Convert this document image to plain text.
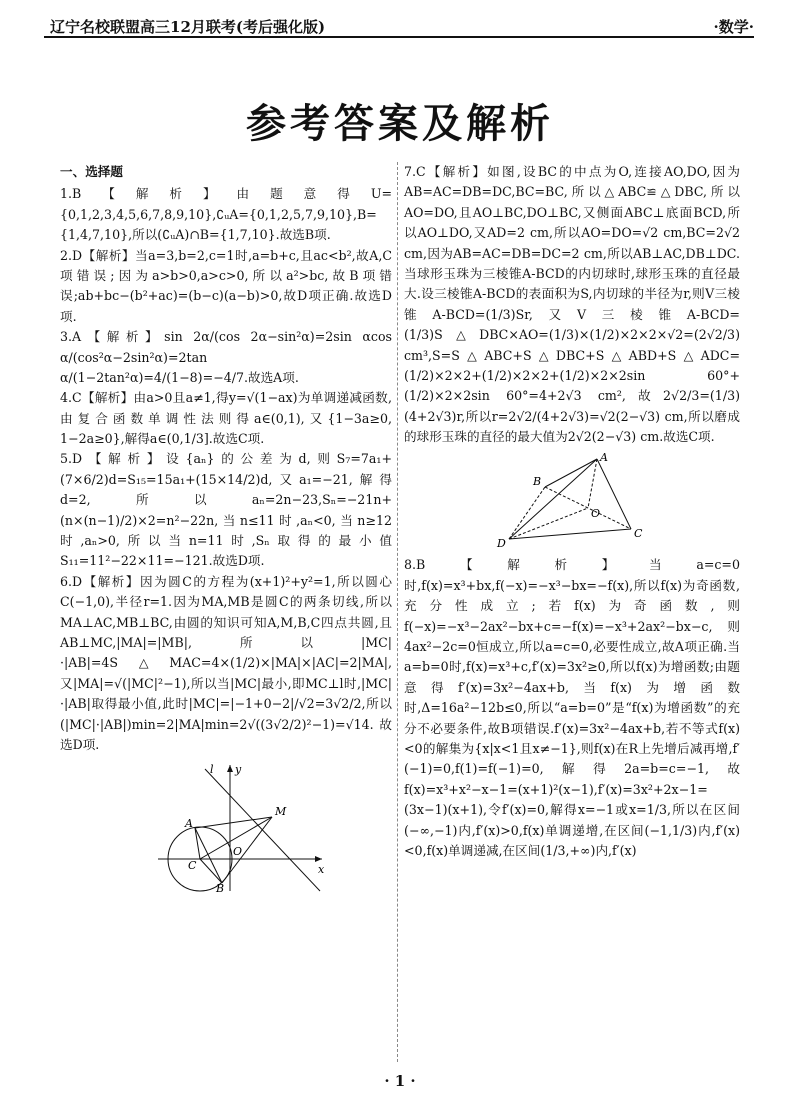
辽宁名校联盟高三12月联考(考后强化版)	·数学·
参考答案及解析

一、选择题

1.B【解析】由题意得U={0,1,2,3,4,5,6,7,8,9,10},∁ᵤA={0,1,2,5,7,9,10},B={1,4,7,10},所以(∁ᵤA)∩B={1,7,10}.故选B项.

2.D【解析】当a=3,b=2,c=1时,a=b+c,且ac<b²,故A,C项错误;因为a>b>0,a>c>0,所以a²>bc,故B项错误;ab+bc−(b²+ac)=(b−c)(a−b)>0,故D项正确.故选D项.

3.A【解析】sin 2α/(cos 2α−sin²α)=2sin αcos α/(cos²α−2sin²α)=2tan α/(1−2tan²α)=4/(1−8)=−4/7.故选A项.

4.C【解析】由a>0且a≠1,得y=√(1−ax)为单调递减函数,由复合函数单调性法则得a∈(0,1),又{1−3a≥0, 1−2a≥0},解得a∈(0,1/3].故选C项.

5.D【解析】设{aₙ}的公差为d,则S₇=7a₁+(7×6/2)d=S₁₅=15a₁+(15×14/2)d,又a₁=−21,解得d=2,所以aₙ=2n−23,Sₙ=−21n+(n×(n−1)/2)×2=n²−22n,当n≤11时,aₙ<0,当n≥12时,aₙ>0,所以当n=11时,Sₙ取得的最小值S₁₁=11²−22×11=−121.故选D项.

6.D【解析】因为圆C的方程为(x+1)²+y²=1,所以圆心C(−1,0),半径r=1.因为MA,MB是圆C的两条切线,所以MA⊥AC,MB⊥BC,由圆的知识可知A,M,B,C四点共圆,且AB⊥MC,|MA|=|MB|,所以|MC|·|AB|=4S△MAC=4×(1/2)×|MA|×|AC|=2|MA|,又|MA|=√(|MC|²−1),所以当|MC|最小,即MC⊥l时,|MC|·|AB|取得最小值,此时|MC|=|−1+0−2|/√2=3√2/2,所以(|MC|·|AB|)min=2|MA|min=2√((3√2/2)²−1)=√14.故选D项.

l y
x
M
A
C
O
B

7.C【解析】如图,设BC的中点为O,连接AO,DO,因为AB=AC=DB=DC,BC=BC,所以△ABC≌△DBC,所以AO=DO,且AO⊥BC,DO⊥BC,又侧面ABC⊥底面BCD,所以AO⊥DO,又AD=2 cm,所以AO=DO=√2 cm,BC=2√2 cm,因为AB=AC=DB=DC=2 cm,所以AB⊥AC,DB⊥DC.当球形玉珠为三棱锥A-BCD的内切球时,球形玉珠的直径最大.设三棱锥A-BCD的表面积为S,内切球的半径为r,则V三棱锥A-BCD=(1/3)Sr,又V三棱锥A-BCD=(1/3)S△DBC×AO=(1/3)×(1/2)×2×2×√2=(2√2/3) cm³,S=S△ABC+S△DBC+S△ABD+S△ADC=(1/2)×2×2+(1/2)×2×2+(1/2)×2×2sin 60°+(1/2)×2×2sin 60°=4+2√3 cm²,故2√2/3=(1/3)(4+2√3)r,所以r=2√2/(4+2√3)=√2(2−√3) cm,所以磨成的球形玉珠的直径的最大值为2√2(2−√3) cm.故选C项.

A
B
O
D
C

8.B【解析】当a=c=0时,f(x)=x³+bx,f(−x)=−x³−bx=−f(x),所以f(x)为奇函数,充分性成立;若f(x)为奇函数,则f(−x)=−x³−2ax²−bx+c=−f(x)=−x³+2ax²−bx−c,则4ax²−2c=0恒成立,所以a=c=0,必要性成立,故A项正确.当a=b=0时,f(x)=x³+c,f′(x)=3x²≥0,所以f(x)为增函数;由题意得f′(x)=3x²−4ax+b,当f(x)为增函数时,Δ=16a²−12b≤0,所以“a=b=0”是“f(x)为增函数”的充分不必要条件,故B项错误.f′(x)=3x²−4ax+b,若不等式f(x)<0的解集为{x|x<1且x≠−1},则f(x)在R上先增后减再增,f′(−1)=0,f(1)=f(−1)=0,解得2a=b=c=−1,故f(x)=x³+x²−x−1=(x+1)²(x−1),f′(x)=3x²+2x−1=(3x−1)(x+1),令f′(x)=0,解得x=−1或x=1/3,所以在区间(−∞,−1)内,f′(x)>0,f(x)单调递增,在区间(−1,1/3)内,f′(x)<0,f(x)单调递减,在区间(1/3,+∞)内,f′(x)

· 1 ·
